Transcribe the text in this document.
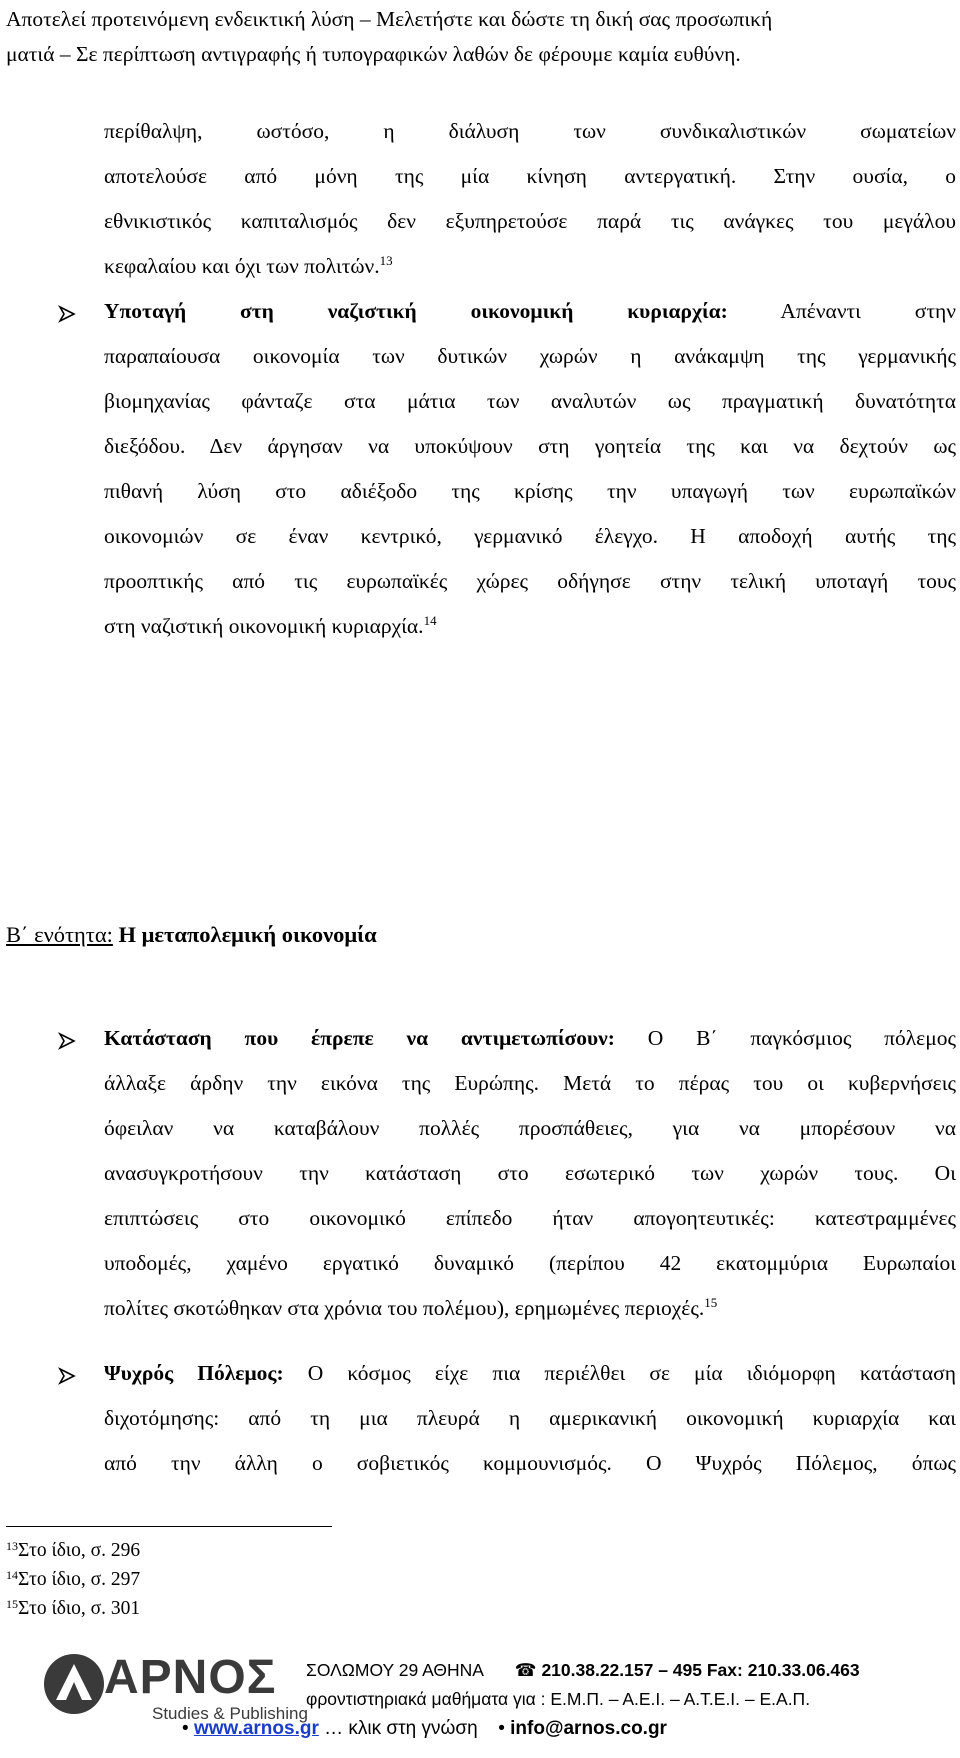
Αποτελεί προτεινόμενη ενδεικτική λύση – Μελετήστε και δώστε τη δική σας προσωπική
ματιά – Σε περίπτωση αντιγραφής ή τυπογραφικών λαθών δε φέρουμε καμία ευθύνη.
περίθαλψη, ωστόσο, η διάλυση των συνδικαλιστικών σωματείων
αποτελούσε από μόνη της μία κίνηση αντεργατική. Στην ουσία, ο
εθνικιστικός καπιταλισμός δεν εξυπηρετούσε παρά τις ανάγκες του μεγάλου
κεφαλαίου και όχι των πολιτών.$^{13}$
Υποταγή στη ναζιστική οικονομική κυριαρχία: Απέναντι στην
παραπαίουσα οικονομία των δυτικών χωρών η ανάκαμψη της γερμανικής
βιομηχανίας φάνταζε στα μάτια των αναλυτών ως πραγματική δυνατότητα
διεξόδου. Δεν άργησαν να υποκύψουν στη γοητεία της και να δεχτούν ως
πιθανή λύση στο αδιέξοδο της κρίσης την υπαγωγή των ευρωπαϊκών
οικονομιών σε έναν κεντρικό, γερμανικό έλεγχο. Η αποδοχή αυτής της
προοπτικής από τις ευρωπαϊκές χώρες οδήγησε στην τελική υποταγή τους
στη ναζιστική οικονομική κυριαρχία.$^{14}$
Β΄ ενότητα: Η μεταπολεμική οικονομία
Κατάσταση που έπρεπε να αντιμετωπίσουν: Ο Β΄ παγκόσμιος πόλεμος
άλλαξε άρδην την εικόνα της Ευρώπης. Μετά το πέρας του οι κυβερνήσεις
όφειλαν να καταβάλουν πολλές προσπάθειες, για να μπορέσουν να
ανασυγκροτήσουν την κατάσταση στο εσωτερικό των χωρών τους. Οι
επιπτώσεις στο οικονομικό επίπεδο ήταν απογοητευτικές: κατεστραμμένες
υποδομές, χαμένο εργατικό δυναμικό (περίπου 42 εκατομμύρια Ευρωπαίοι
πολίτες σκοτώθηκαν στα χρόνια του πολέμου), ερημωμένες περιοχές.$^{15}$
Ψυχρός Πόλεμος: Ο κόσμος είχε πια περιέλθει σε μία ιδιόμορφη κατάσταση
διχοτόμησης: από τη μια πλευρά η αμερικανική οικονομική κυριαρχία και
από την άλλη ο σοβιετικός κομμουνισμός. Ο Ψυχρός Πόλεμος, όπως
$^{13}$Στο ίδιο, σ. 296
$^{14}$Στο ίδιο, σ. 297
$^{15}$Στο ίδιο, σ. 301
ΑΡΝΟΣ
Studies & Publishing
ΣΟΛΩΜΟΥ 29 ΑΘΗΝΑ ☎ 210.38.22.157 – 495 Fax: 210.33.06.463
φροντιστηριακά μαθήματα για : Ε.Μ.Π. – Α.Ε.Ι. – Α.Τ.Ε.Ι. – Ε.Α.Π.
• www.arnos.gr … κλικ στη γνώση • info@arnos.co.gr
